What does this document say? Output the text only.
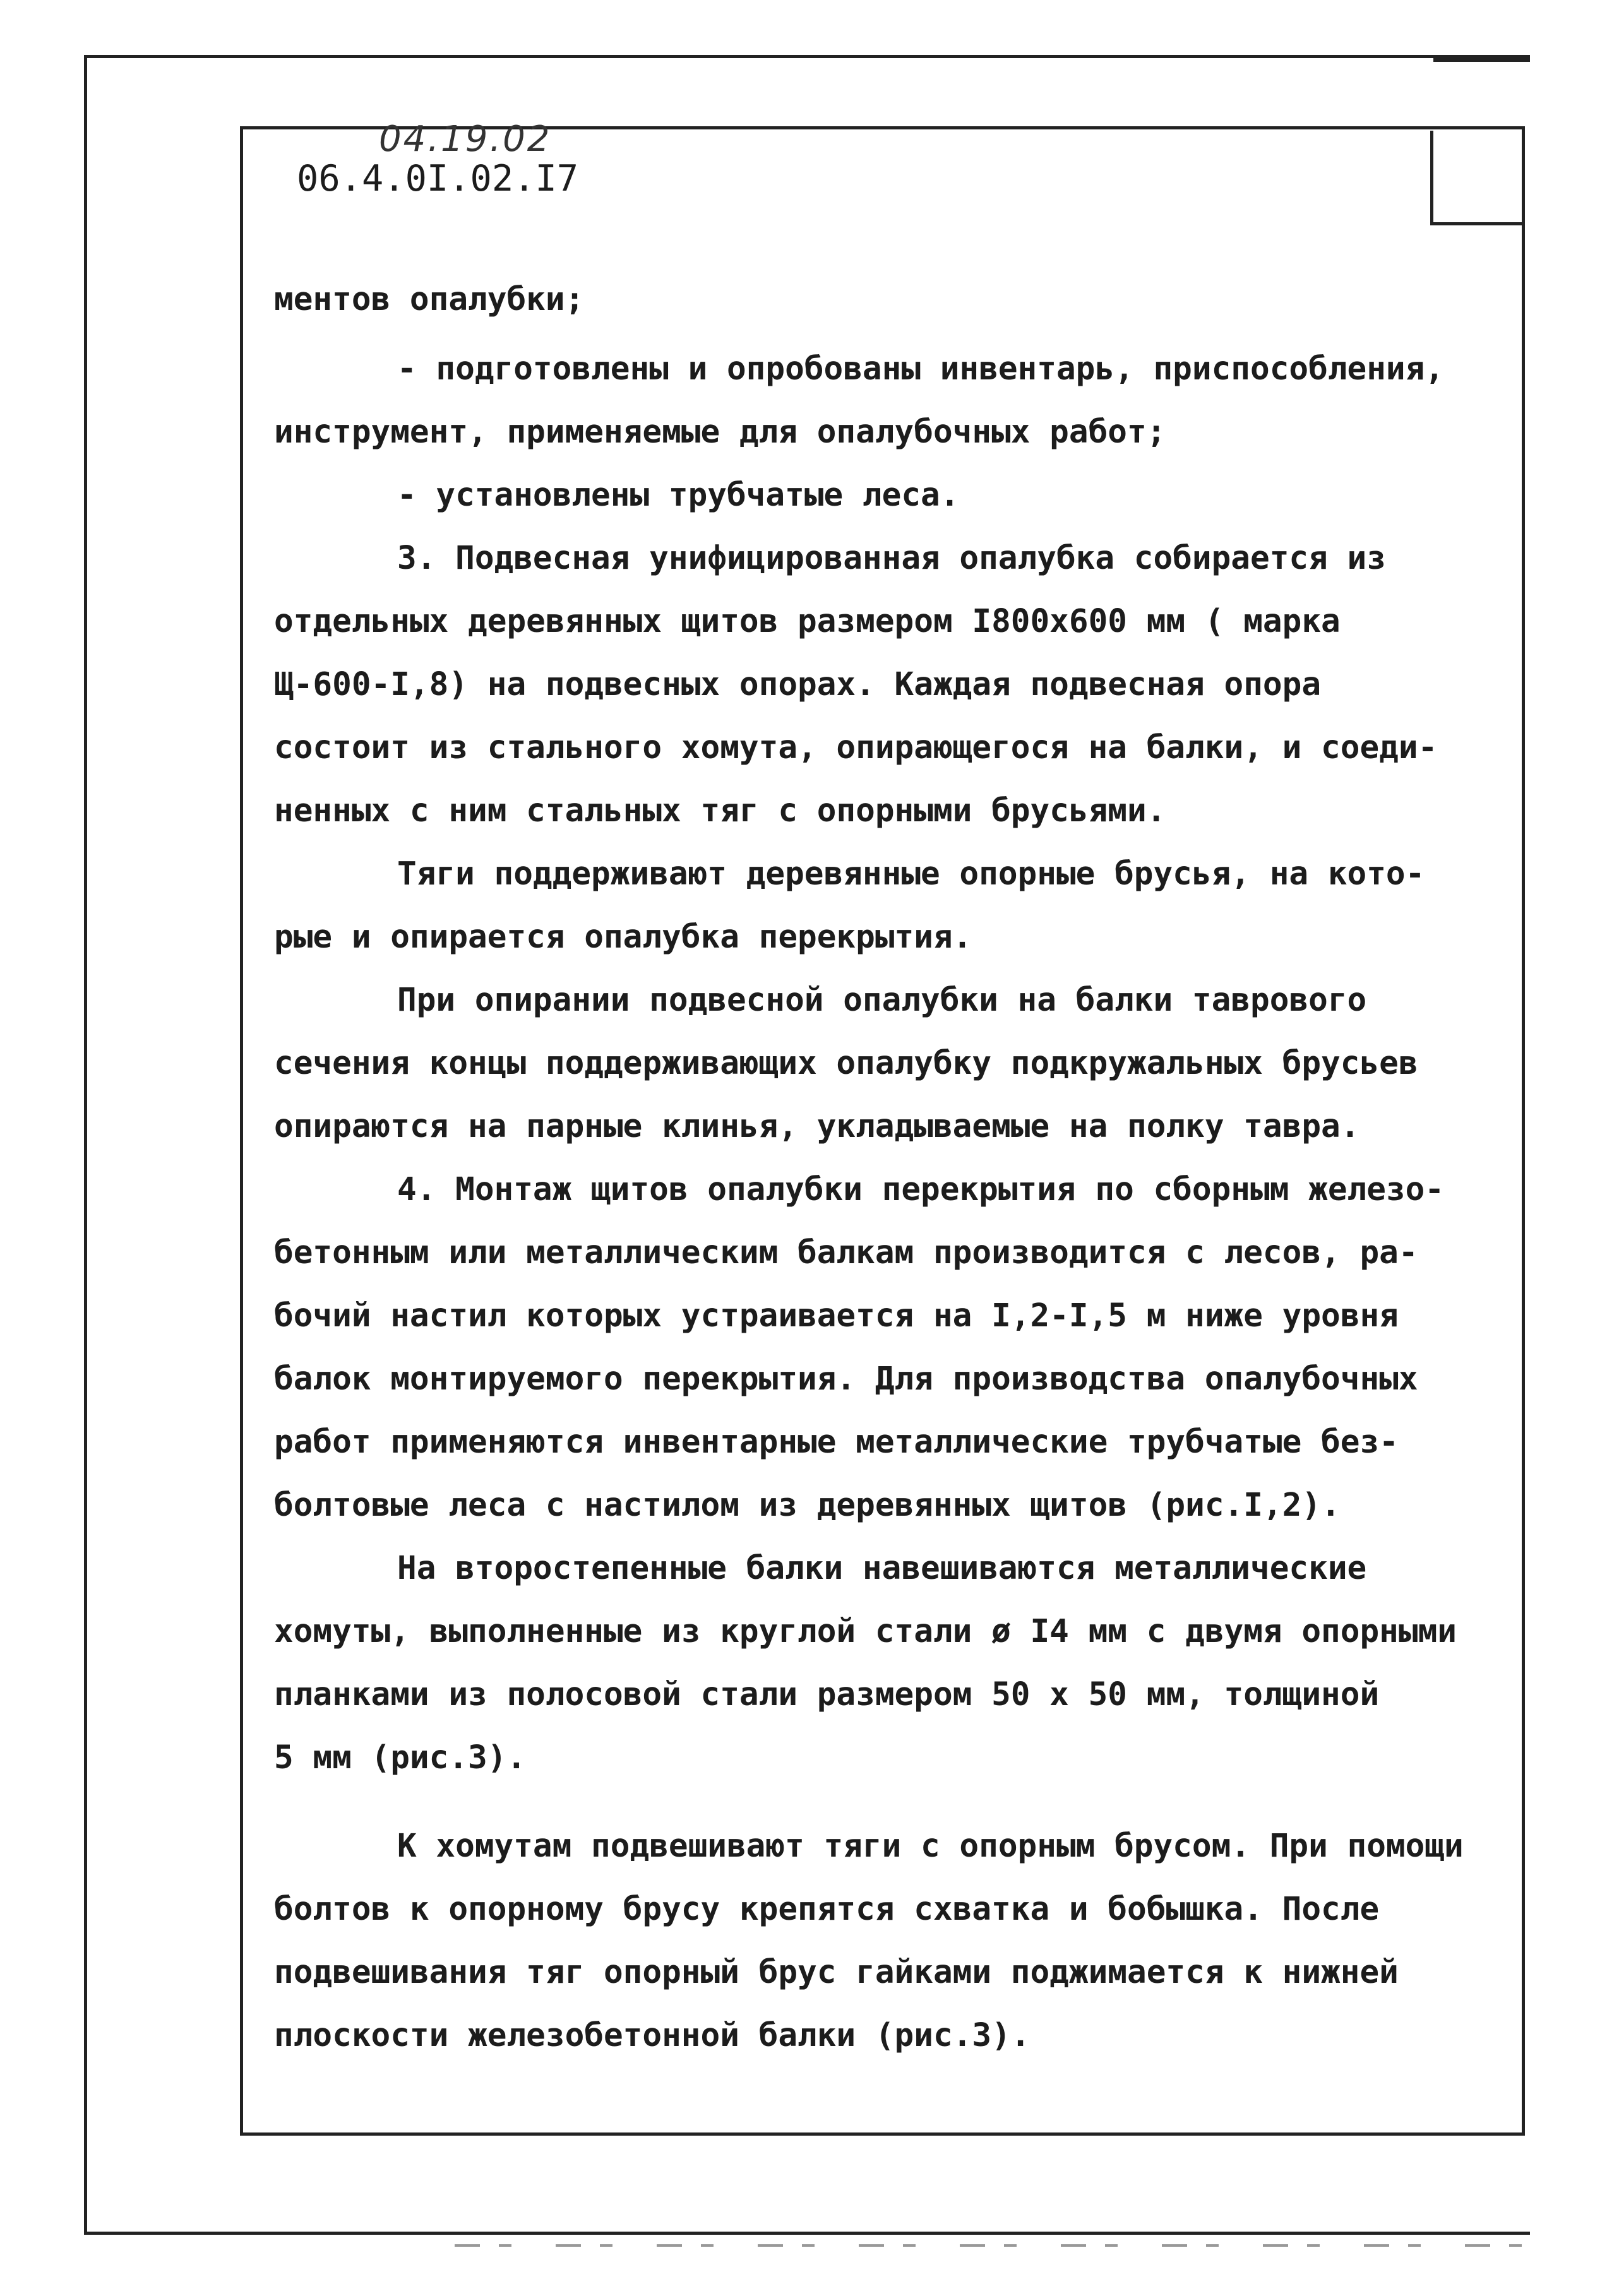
04.19.02
06.4.0I.02.I7
ментов опалубки;
- подготовлены и опробованы инвентарь, приспособления,
инструмент, применяемые для опалубочных работ;
- установлены трубчатые леса.
3. Подвесная унифицированная опалубка собирается из
отдельных деревянных щитов размером I800х600 мм ( марка
Щ-600-I,8) на подвесных опорах. Каждая подвесная опора
состоит из стального хомута, опирающегося на балки, и соеди-
ненных с ним стальных тяг с опорными брусьями.
Тяги поддерживают деревянные опорные брусья, на кото-
рые и опирается опалубка перекрытия.
При опирании подвесной опалубки на балки таврового
сечения концы поддерживающих опалубку подкружальных брусьев
опираются на парные клинья, укладываемые на полку тавра.
4. Монтаж щитов опалубки перекрытия по сборным железо-
бетонным или металлическим балкам производится с лесов, ра-
бочий настил которых устраивается на I,2-I,5 м ниже уровня
балок монтируемого перекрытия. Для производства опалубочных
работ применяются инвентарные металлические трубчатые без-
болтовые леса с настилом из деревянных щитов (рис.I,2).
На второстепенные балки навешиваются металлические
хомуты, выполненные из круглой стали ø I4 мм с двумя опорными
планками из полосовой стали размером 50 х 50 мм, толщиной
5 мм (рис.3).
К хомутам подвешивают тяги с опорным брусом. При помощи
болтов к опорному брусу крепятся схватка и бобышка. После
подвешивания тяг опорный брус гайками поджимается к нижней
плоскости железобетонной балки (рис.3).
